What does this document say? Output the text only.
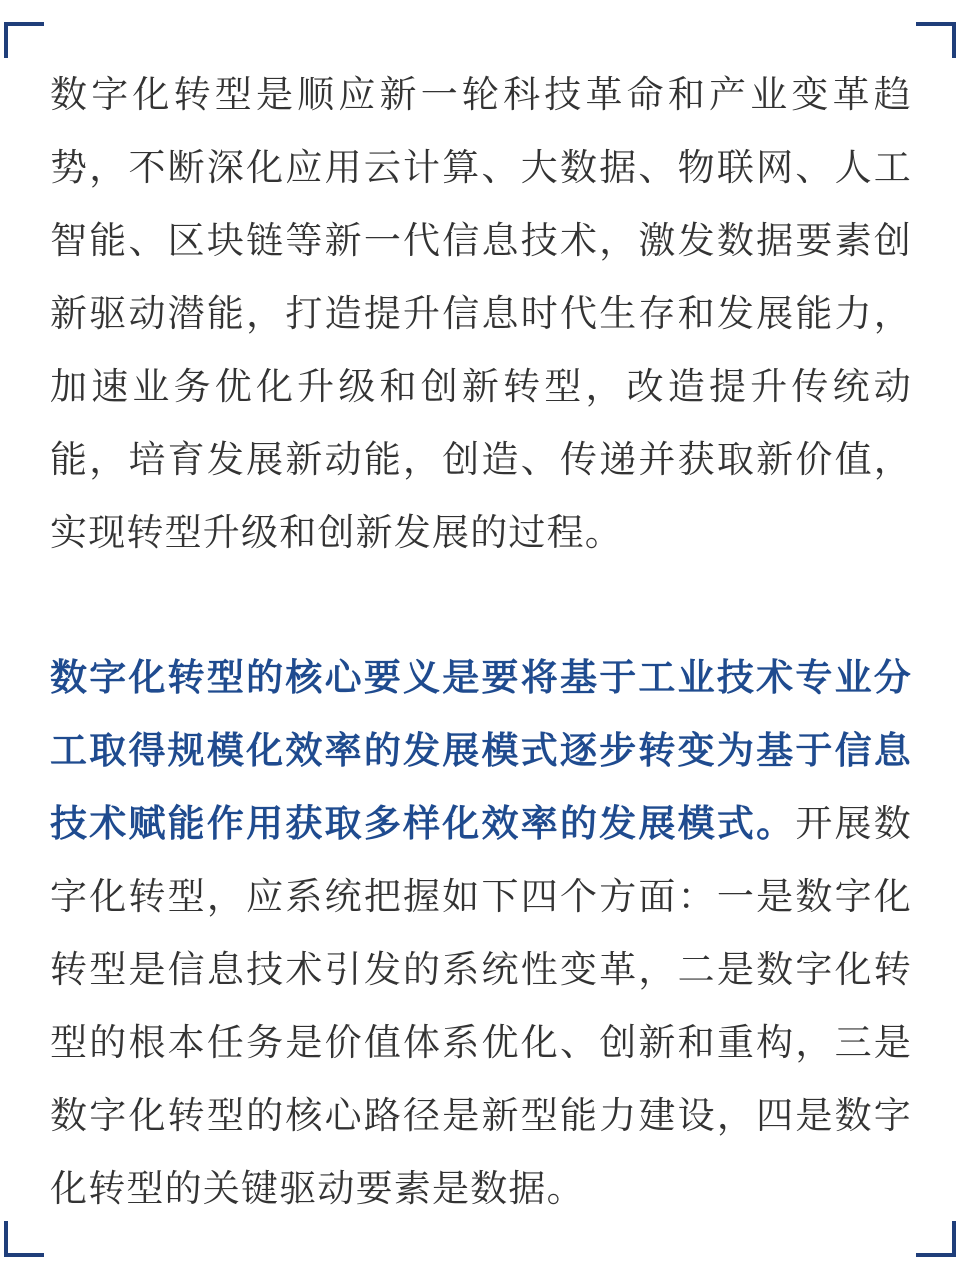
数字化转型是顺应新一轮科技革命和产业变革趋势，不断深化应用云计算、大数据、物联网、人工智能、区块链等新一代信息技术，激发数据要素创新驱动潜能，打造提升信息时代生存和发展能力，加速业务优化升级和创新转型，改造提升传统动能，培育发展新动能，创造、传递并获取新价值，实现转型升级和创新发展的过程。

数字化转型的核心要义是要将基于工业技术专业分工取得规模化效率的发展模式逐步转变为基于信息技术赋能作用获取多样化效率的发展模式。开展数字化转型，应系统把握如下四个方面：一是数字化转型是信息技术引发的系统性变革，二是数字化转型的根本任务是价值体系优化、创新和重构，三是数字化转型的核心路径是新型能力建设，四是数字化转型的关键驱动要素是数据。
